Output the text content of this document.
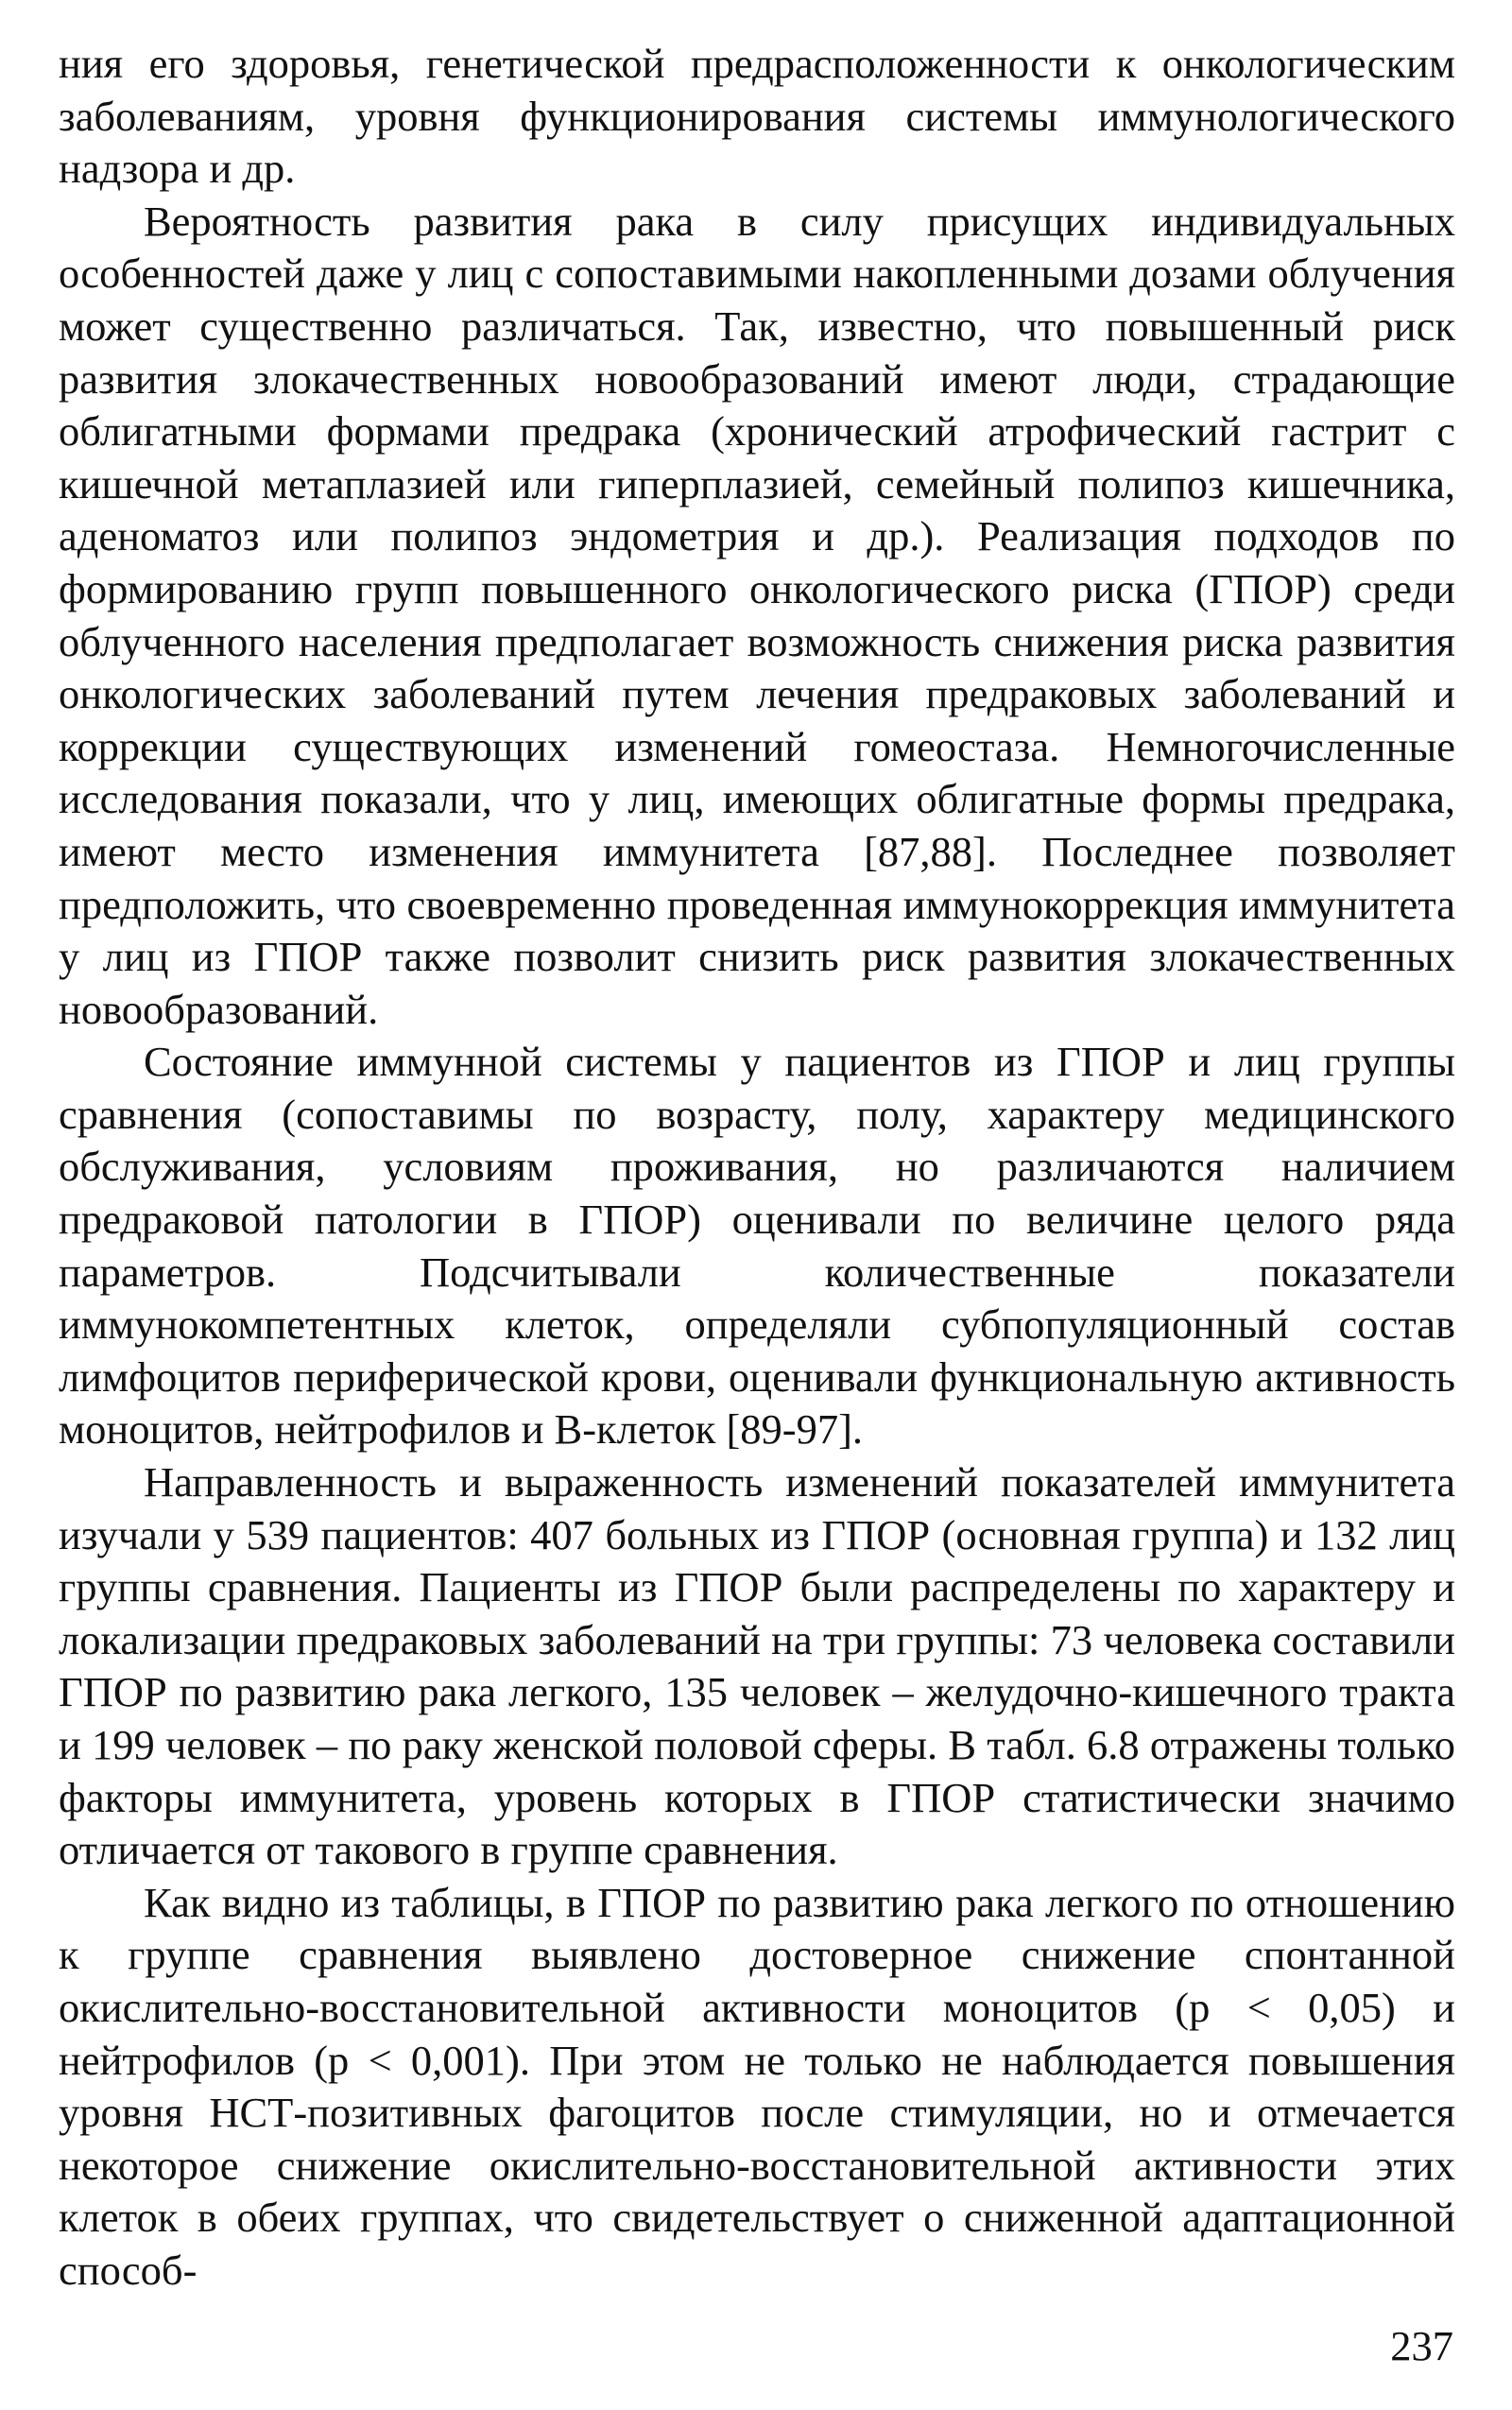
ния его здоровья, генетической предрасположенности к онкологическим заболеваниям, уровня функционирования системы иммунологического надзора и др.

Вероятность развития рака в силу присущих индивидуальных особенностей даже у лиц с сопоставимыми накопленными дозами облучения может существенно различаться. Так, известно, что повышенный риск развития злокачественных новообразований имеют люди, страдающие облигатными формами предрака (хронический атрофический гастрит с кишечной метаплазией или гиперплазией, семейный полипоз кишечника, аденоматоз или полипоз эндометрия и др.). Реализация подходов по формированию групп повышенного онкологического риска (ГПОР) среди облученного населения предполагает возможность снижения риска развития онкологических заболеваний путем лечения предраковых заболеваний и коррекции существующих изменений гомеостаза. Немногочисленные исследования показали, что у лиц, имеющих облигатные формы предрака, имеют место изменения иммунитета [87,88]. Последнее позволяет предположить, что своевременно проведенная иммунокоррекция иммунитета у лиц из ГПОР также позволит снизить риск развития злокачественных новообразований.

Состояние иммунной системы у пациентов из ГПОР и лиц группы сравнения (сопоставимы по возрасту, полу, характеру медицинского обслуживания, условиям проживания, но различаются наличием предраковой патологии в ГПОР) оценивали по величине целого ряда параметров. Подсчитывали количественные показатели иммунокомпетентных клеток, определяли субпопуляционный состав лимфоцитов периферической крови, оценивали функциональную активность моноцитов, нейтрофилов и В-клеток [89-97].

Направленность и выраженность изменений показателей иммунитета изучали у 539 пациентов: 407 больных из ГПОР (основная группа) и 132 лиц группы сравнения. Пациенты из ГПОР были распределены по характеру и локализации предраковых заболеваний на три группы: 73 человека составили ГПОР по развитию рака легкого, 135 человек – желудочно-кишечного тракта и 199 человек – по раку женской половой сферы. В табл. 6.8 отражены только факторы иммунитета, уровень которых в ГПОР статистически значимо отличается от такового в группе сравнения.

Как видно из таблицы, в ГПОР по развитию рака легкого по отношению к группе сравнения выявлено достоверное снижение спонтанной окислительно-восстановительной активности моноцитов (р < 0,05) и нейтрофилов (р < 0,001). При этом не только не наблюдается повышения уровня НСТ-позитивных фагоцитов после стимуляции, но и отмечается некоторое снижение окислительно-восстановительной активности этих клеток в обеих группах, что свидетельствует о сниженной адаптационной способ-

237
